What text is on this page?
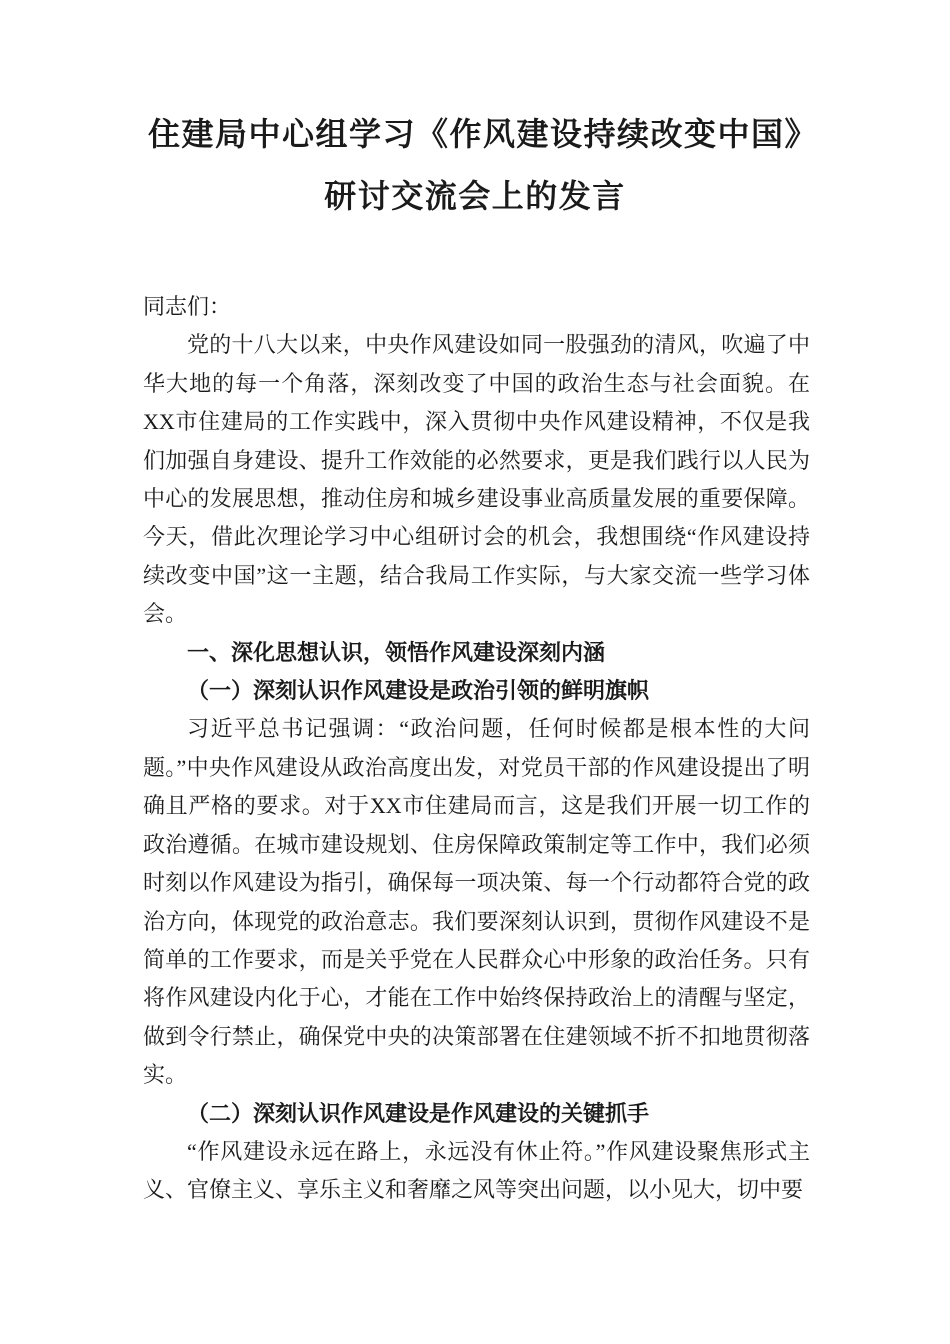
住建局中心组学习《作风建设持续改变中国》研讨交流会上的发言
同志们：
党的十八大以来，中央作风建设如同一股强劲的清风，吹遍了中华大地的每一个角落，深刻改变了中国的政治生态与社会面貌。在XX市住建局的工作实践中，深入贯彻中央作风建设精神，不仅是我们加强自身建设、提升工作效能的必然要求，更是我们践行以人民为中心的发展思想，推动住房和城乡建设事业高质量发展的重要保障。今天，借此次理论学习中心组研讨会的机会，我想围绕“作风建设持续改变中国”这一主题，结合我局工作实际，与大家交流一些学习体会。
一、深化思想认识，领悟作风建设深刻内涵
（一）深刻认识作风建设是政治引领的鲜明旗帜
习近平总书记强调：“政治问题，任何时候都是根本性的大问题。”中央作风建设从政治高度出发，对党员干部的作风建设提出了明确且严格的要求。对于XX市住建局而言，这是我们开展一切工作的政治遵循。在城市建设规划、住房保障政策制定等工作中，我们必须时刻以作风建设为指引，确保每一项决策、每一个行动都符合党的政治方向，体现党的政治意志。我们要深刻认识到，贯彻作风建设不是简单的工作要求，而是关乎党在人民群众心中形象的政治任务。只有将作风建设内化于心，才能在工作中始终保持政治上的清醒与坚定，做到令行禁止，确保党中央的决策部署在住建领域不折不扣地贯彻落实。
（二）深刻认识作风建设是作风建设的关键抓手
“作风建设永远在路上，永远没有休止符。”作风建设聚焦形式主义、官僚主义、享乐主义和奢靡之风等突出问题，以小见大，切中要
